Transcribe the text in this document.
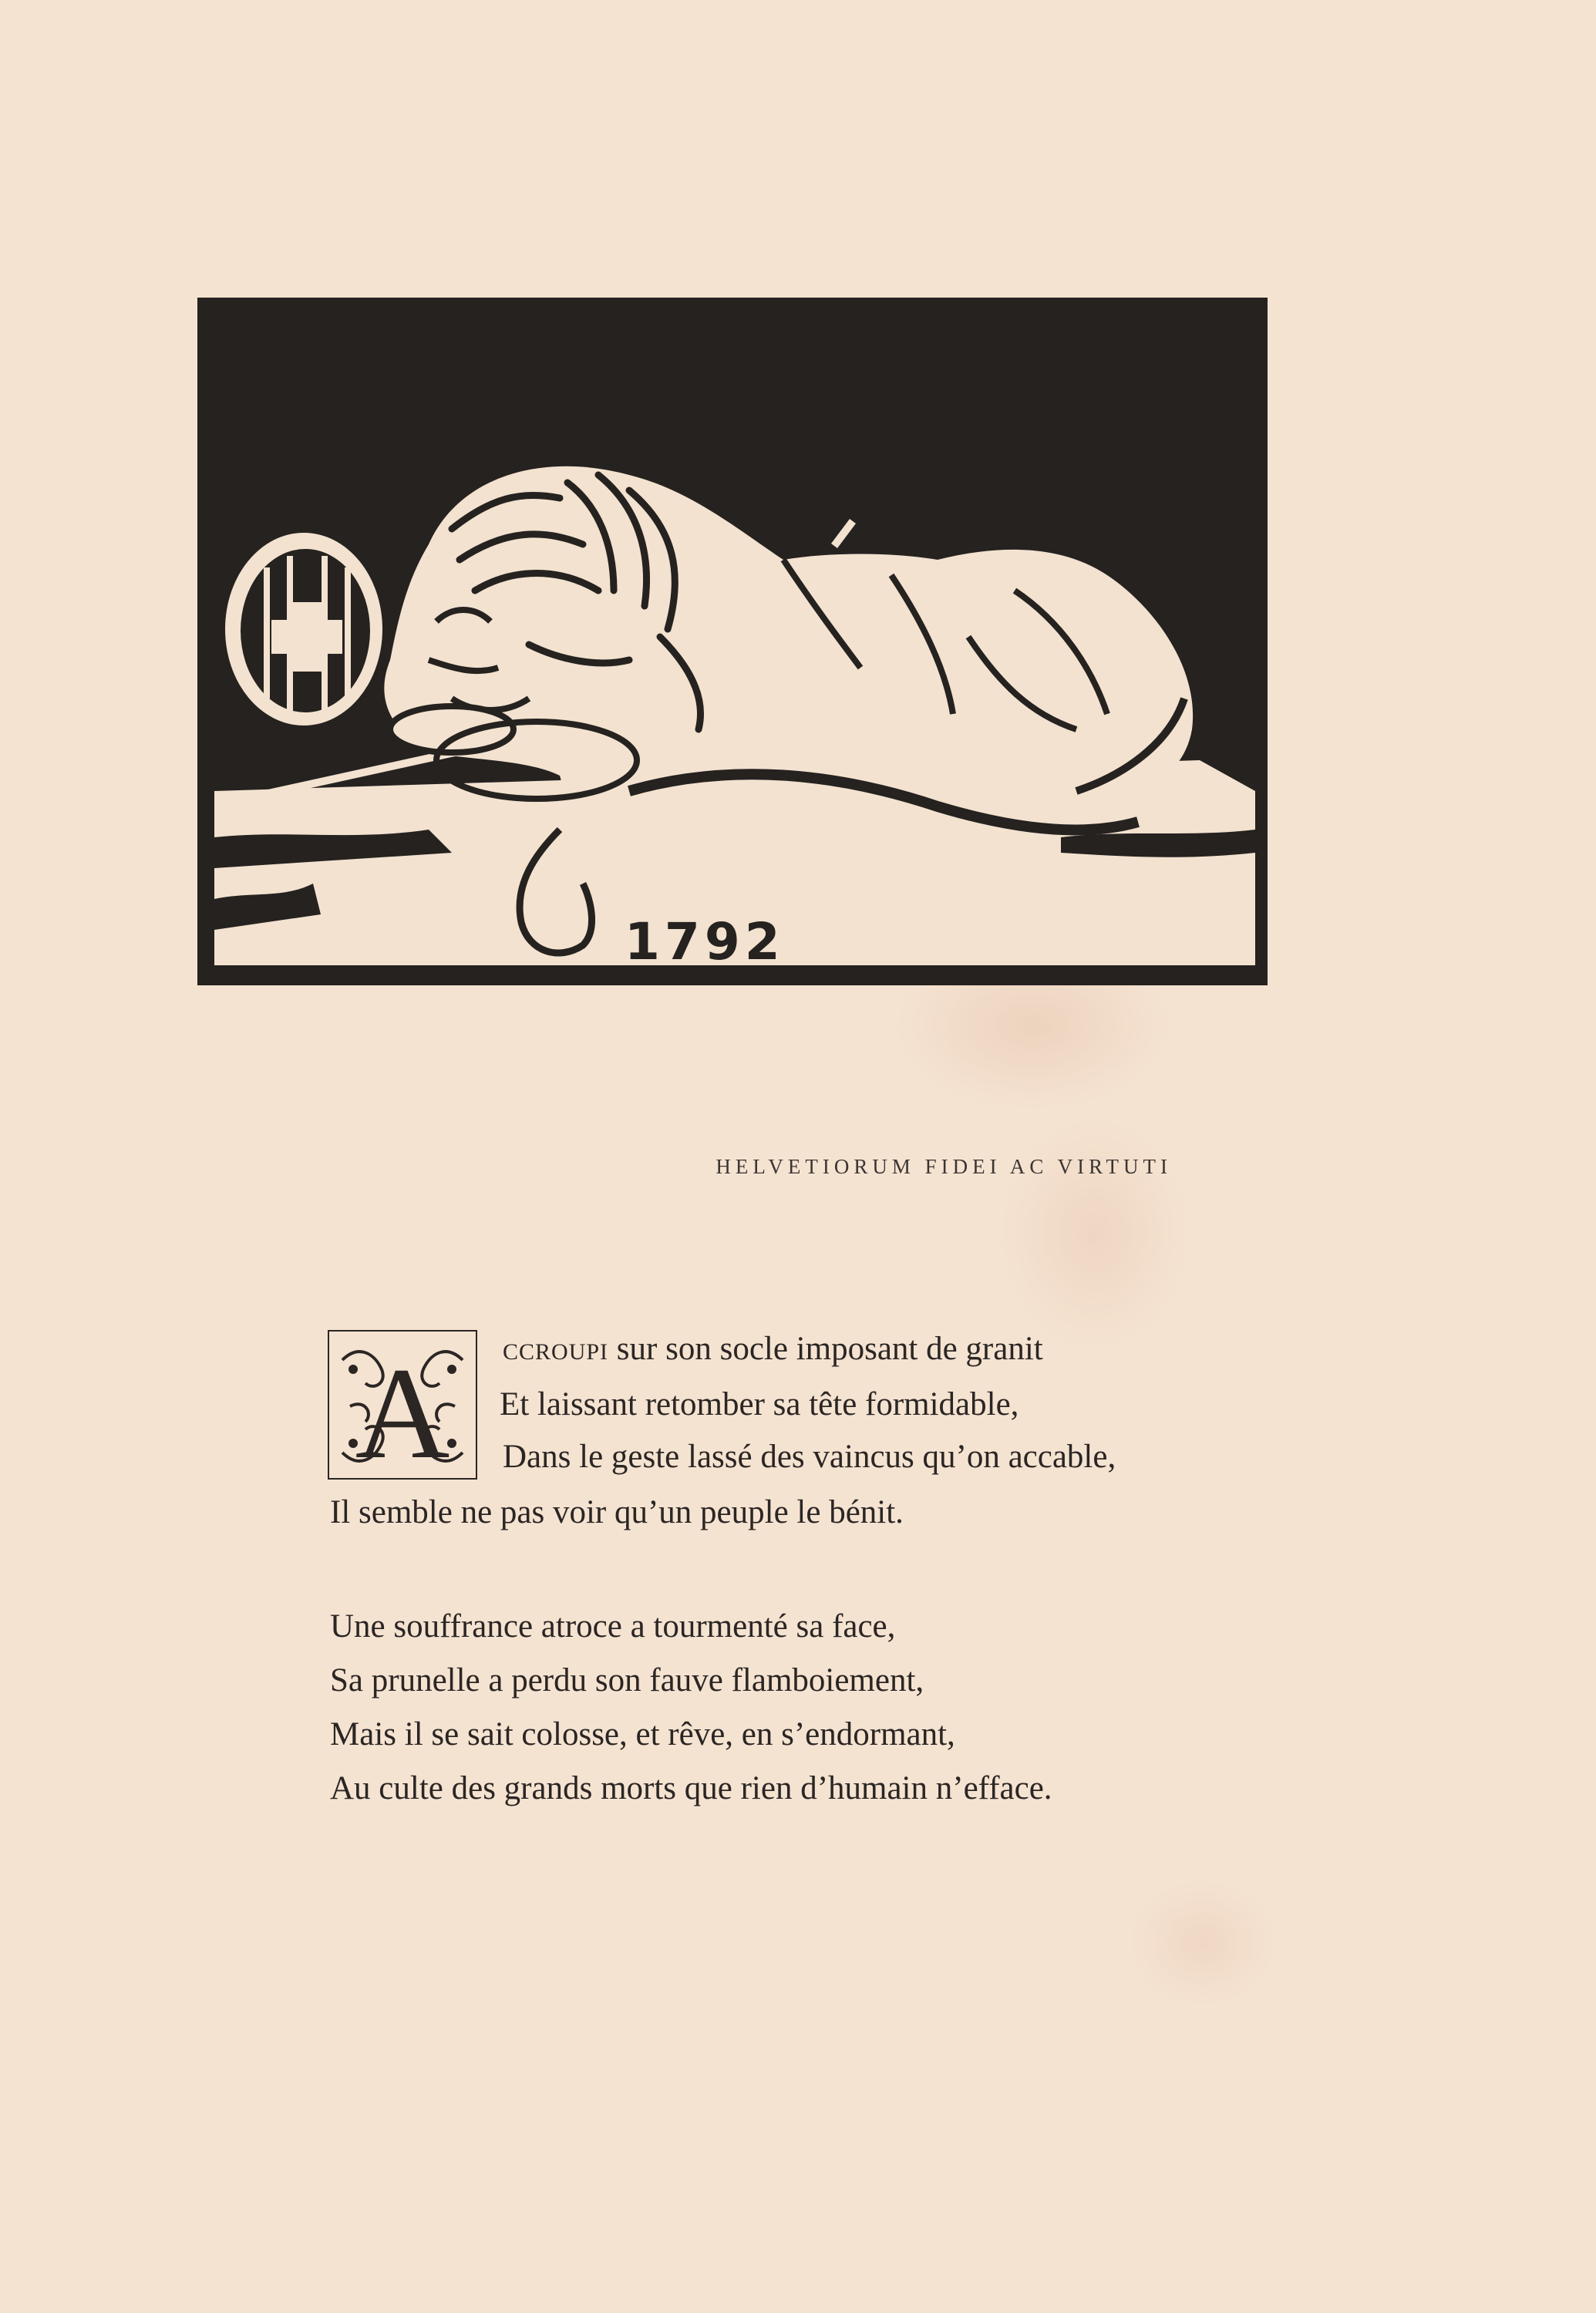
1792
HELVETIORUM FIDEI AC VIRTUTI
A ccroupi sur son socle imposant de granit
Et laissant retomber sa tête formidable,
Dans le geste lassé des vaincus qu’on accable,
Il semble ne pas voir qu’un peuple le bénit.
Une souffrance atroce a tourmenté sa face,
Sa prunelle a perdu son fauve flamboiement,
Mais il se sait colosse, et rêve, en s’endormant,
Au culte des grands morts que rien d’humain n’efface.
